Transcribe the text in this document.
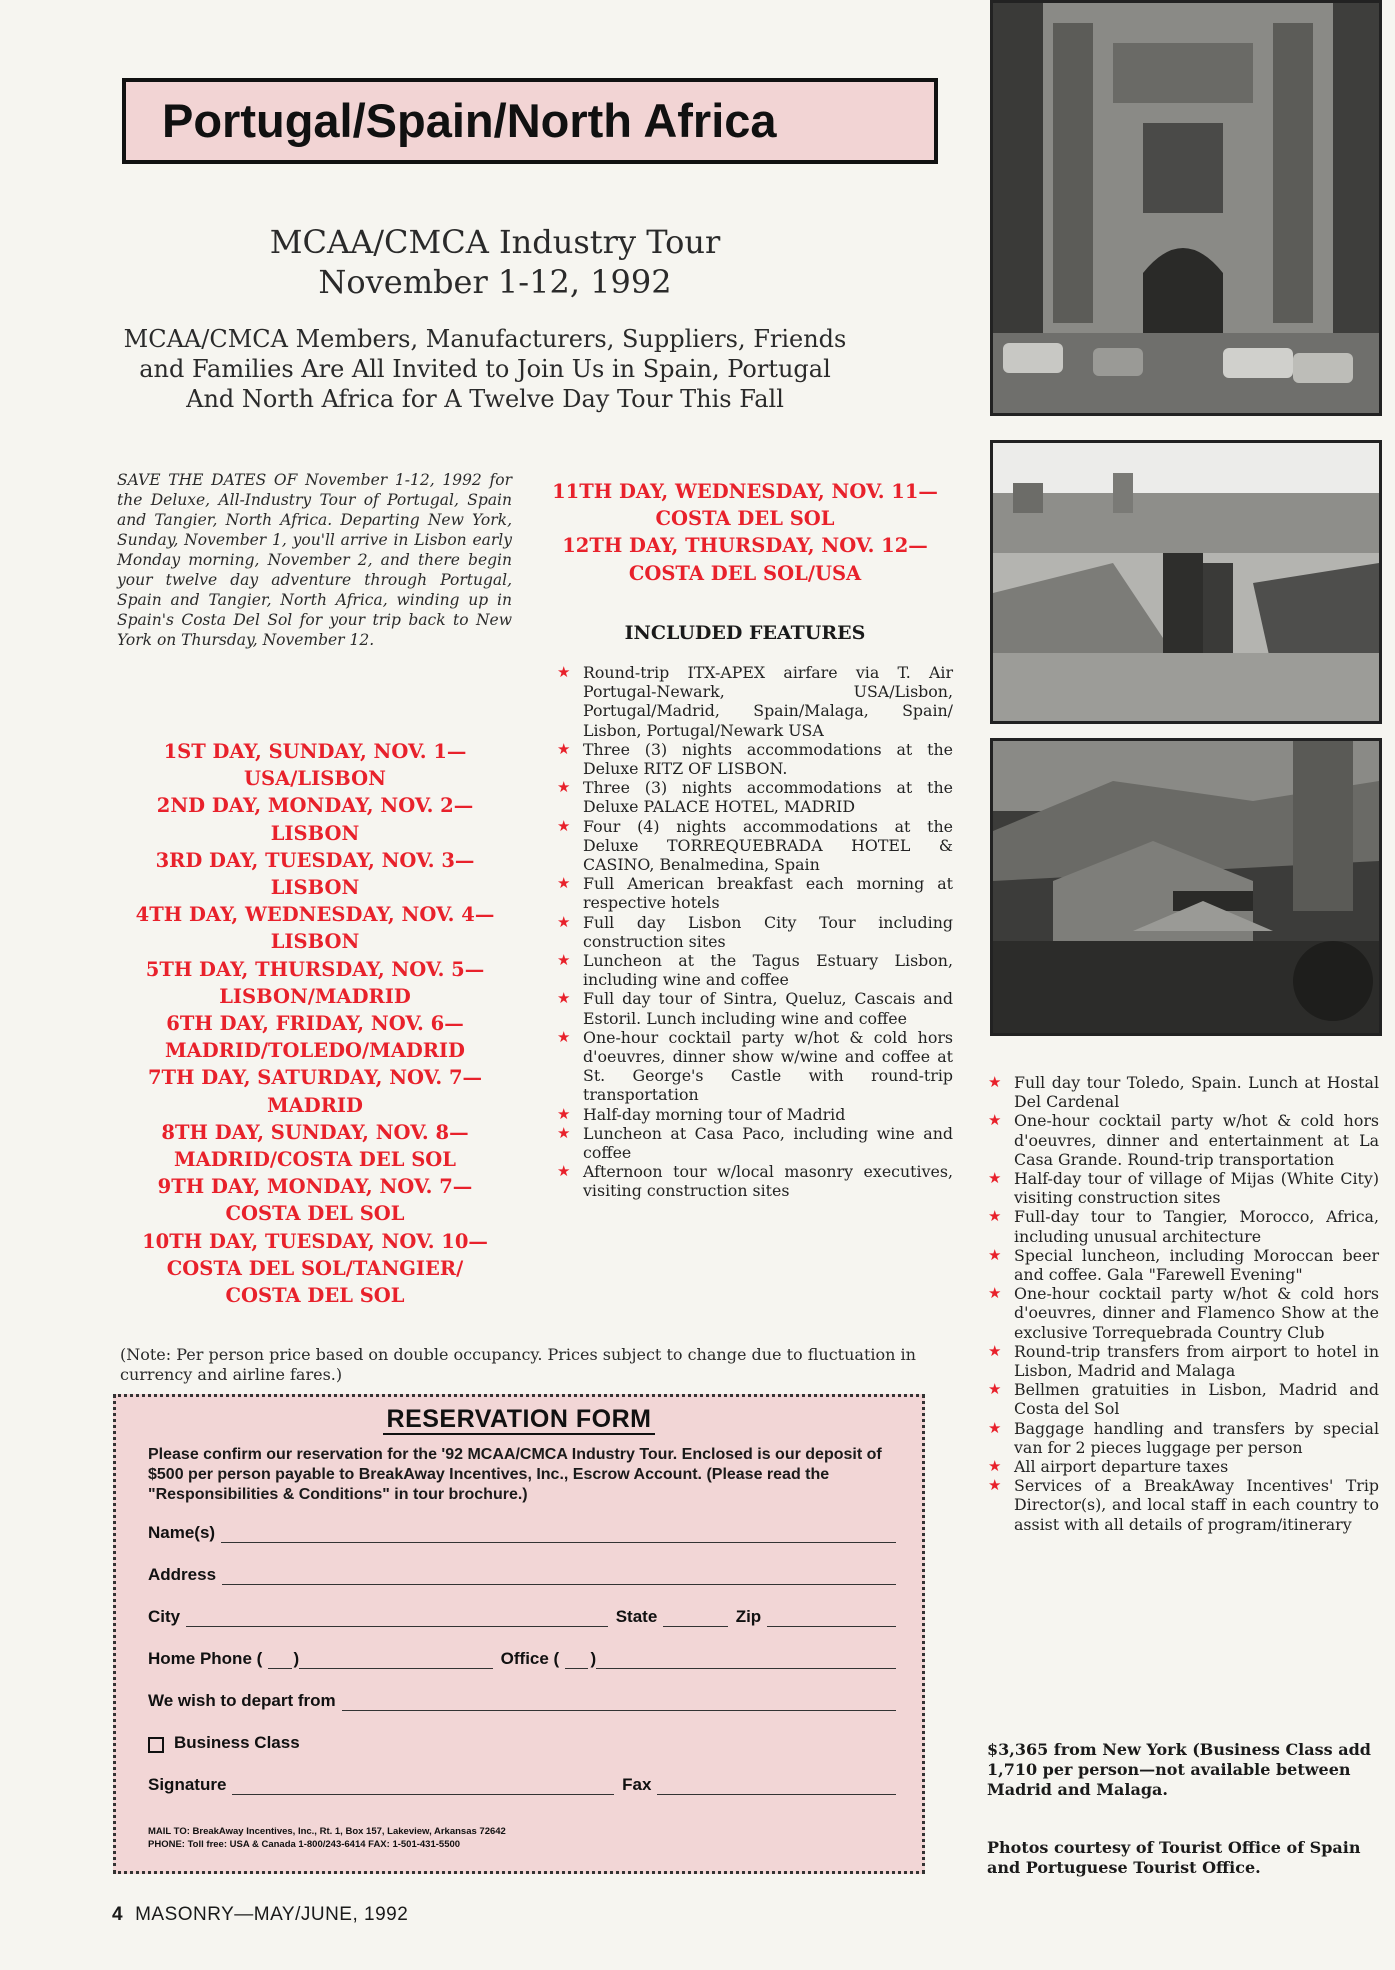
Portugal/Spain/North Africa
MCAA/CMCA Industry Tour
November 1-12, 1992
MCAA/CMCA Members, Manufacturers, Suppliers, Friends and Families Are All Invited to Join Us in Spain, Portugal And North Africa for A Twelve Day Tour This Fall
SAVE THE DATES OF November 1-12, 1992 for the Deluxe, All-Industry Tour of Portugal, Spain and Tangier, North Africa. Departing New York, Sunday, November 1, you'll arrive in Lisbon early Monday morning, November 2, and there begin your twelve day adventure through Portugal, Spain and Tangier, North Africa, winding up in Spain's Costa Del Sol for your trip back to New York on Thursday, November 12.
1ST DAY, SUNDAY, NOV. 1—
USA/LISBON
2ND DAY, MONDAY, NOV. 2—
LISBON
3RD DAY, TUESDAY, NOV. 3—
LISBON
4TH DAY, WEDNESDAY, NOV. 4—
LISBON
5TH DAY, THURSDAY, NOV. 5—
LISBON/MADRID
6TH DAY, FRIDAY, NOV. 6—
MADRID/TOLEDO/MADRID
7TH DAY, SATURDAY, NOV. 7—
MADRID
8TH DAY, SUNDAY, NOV. 8—
MADRID/COSTA DEL SOL
9TH DAY, MONDAY, NOV. 7—
COSTA DEL SOL
10TH DAY, TUESDAY, NOV. 10—
COSTA DEL SOL/TANGIER/
COSTA DEL SOL
11TH DAY, WEDNESDAY, NOV. 11—
COSTA DEL SOL
12TH DAY, THURSDAY, NOV. 12—
COSTA DEL SOL/USA
INCLUDED FEATURES
★ Round-trip ITX-APEX airfare via T. Air Portugal-Newark, USA/Lisbon, Portugal/Madrid, Spain/Malaga, Spain/ Lisbon, Portugal/Newark USA
★ Three (3) nights accommodations at the Deluxe RITZ OF LISBON.
★ Three (3) nights accommodations at the Deluxe PALACE HOTEL, MADRID
★ Four (4) nights accommodations at the Deluxe TORREQUEBRADA HOTEL & CASINO, Benalmedina, Spain
★ Full American breakfast each morning at respective hotels
★ Full day Lisbon City Tour including construction sites
★ Luncheon at the Tagus Estuary Lisbon, including wine and coffee
★ Full day tour of Sintra, Queluz, Cascais and Estoril. Lunch including wine and coffee
★ One-hour cocktail party w/hot & cold hors d'oeuvres, dinner show w/wine and coffee at St. George's Castle with round-trip transportation
★ Half-day morning tour of Madrid
★ Luncheon at Casa Paco, including wine and coffee
★ Afternoon tour w/local masonry executives, visiting construction sites
★ Full day tour Toledo, Spain. Lunch at Hostal Del Cardenal
★ One-hour cocktail party w/hot & cold hors d'oeuvres, dinner and entertainment at La Casa Grande. Round-trip transportation
★ Half-day tour of village of Mijas (White City) visiting construction sites
★ Full-day tour to Tangier, Morocco, Africa, including unusual architecture
★ Special luncheon, including Moroccan beer and coffee. Gala "Farewell Evening"
★ One-hour cocktail party w/hot & cold hors d'oeuvres, dinner and Flamenco Show at the exclusive Torrequebrada Country Club
★ Round-trip transfers from airport to hotel in Lisbon, Madrid and Malaga
★ Bellmen gratuities in Lisbon, Madrid and Costa del Sol
★ Baggage handling and transfers by special van for 2 pieces luggage per person
★ All airport departure taxes
★ Services of a BreakAway Incentives' Trip Director(s), and local staff in each country to assist with all details of program/itinerary
(Note: Per person price based on double occupancy. Prices subject to change due to fluctuation in currency and airline fares.)
RESERVATION FORM
Please confirm our reservation for the '92 MCAA/CMCA Industry Tour. Enclosed is our deposit of $500 per person payable to BreakAway Incentives, Inc., Escrow Account. (Please read the "Responsibilities & Conditions" in tour brochure.)
Name(s)
Address
City	State	Zip
Home Phone ( )	Office ( )
We wish to depart from
Business Class
Signature	Fax
MAIL TO: BreakAway Incentives, Inc., Rt. 1, Box 157, Lakeview, Arkansas 72642
PHONE: Toll free: USA & Canada 1-800/243-6414 FAX: 1-501-431-5500
$3,365 from New York (Business Class add 1,710 per person—not available between Madrid and Malaga.
Photos courtesy of Tourist Office of Spain and Portuguese Tourist Office.
4 MASONRY—MAY/JUNE, 1992
